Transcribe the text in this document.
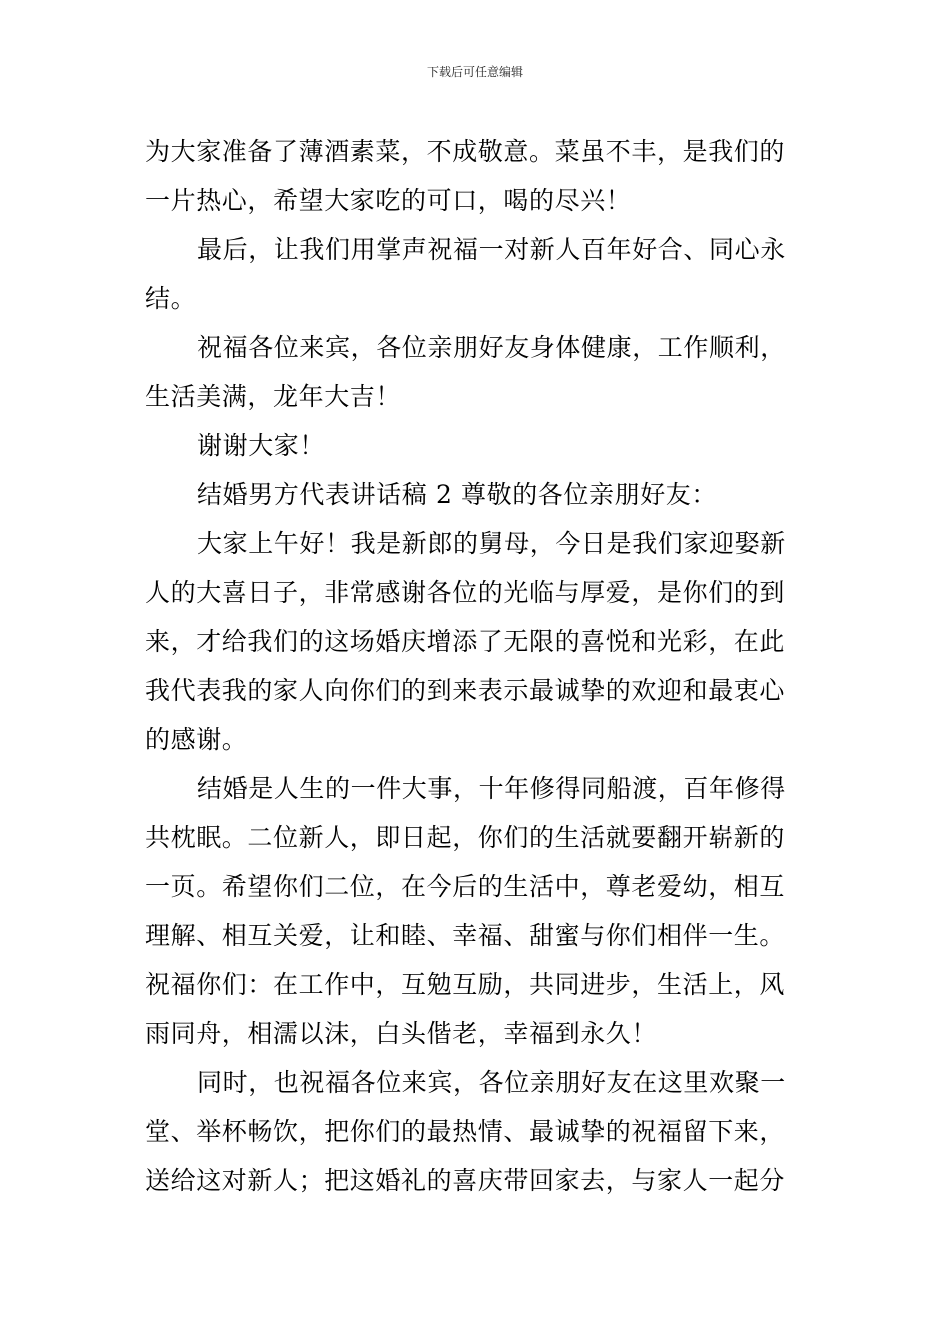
下载后可任意编辑
为大家准备了薄酒素菜，不成敬意。菜虽不丰，是我们的
一片热心，希望大家吃的可口，喝的尽兴！
最后，让我们用掌声祝福一对新人百年好合、同心永
结。
祝福各位来宾，各位亲朋好友身体健康，工作顺利，
生活美满，龙年大吉！
谢谢大家！
结婚男方代表讲话稿 2 尊敬的各位亲朋好友：
大家上午好！我是新郎的舅母，今日是我们家迎娶新
人的大喜日子，非常感谢各位的光临与厚爱，是你们的到
来，才给我们的这场婚庆增添了无限的喜悦和光彩，在此
我代表我的家人向你们的到来表示最诚挚的欢迎和最衷心
的感谢。
结婚是人生的一件大事，十年修得同船渡，百年修得
共枕眠。二位新人，即日起，你们的生活就要翻开崭新的
一页。希望你们二位，在今后的生活中，尊老爱幼，相互
理解、相互关爱，让和睦、幸福、甜蜜与你们相伴一生。
祝福你们：在工作中，互勉互励，共同进步，生活上，风
雨同舟，相濡以沫，白头偕老，幸福到永久！
同时，也祝福各位来宾，各位亲朋好友在这里欢聚一
堂、举杯畅饮，把你们的最热情、最诚挚的祝福留下来，
送给这对新人；把这婚礼的喜庆带回家去，与家人一起分
